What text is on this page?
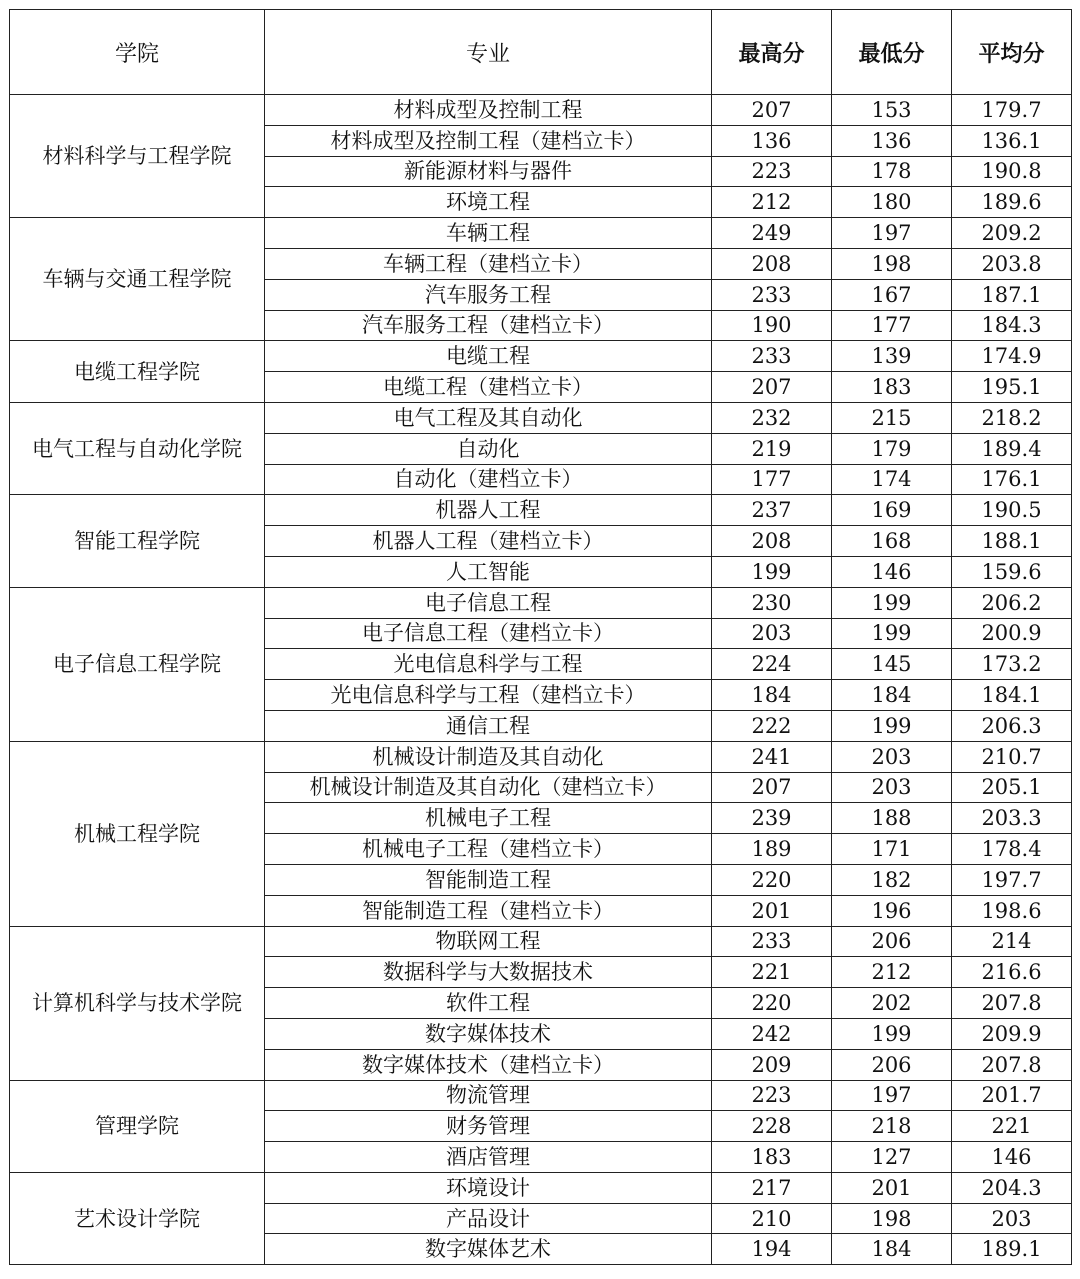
学院	专业	最高分	最低分	平均分
材料科学与工程学院	材料成型及控制工程	207	153	179.7
	材料成型及控制工程（建档立卡）	136	136	136.1
	新能源材料与器件	223	178	190.8
	环境工程	212	180	189.6
车辆与交通工程学院	车辆工程	249	197	209.2
	车辆工程（建档立卡）	208	198	203.8
	汽车服务工程	233	167	187.1
	汽车服务工程（建档立卡）	190	177	184.3
电缆工程学院	电缆工程	233	139	174.9
	电缆工程（建档立卡）	207	183	195.1
电气工程与自动化学院	电气工程及其自动化	232	215	218.2
	自动化	219	179	189.4
	自动化（建档立卡）	177	174	176.1
智能工程学院	机器人工程	237	169	190.5
	机器人工程（建档立卡）	208	168	188.1
	人工智能	199	146	159.6
电子信息工程学院	电子信息工程	230	199	206.2
	电子信息工程（建档立卡）	203	199	200.9
	光电信息科学与工程	224	145	173.2
	光电信息科学与工程（建档立卡）	184	184	184.1
	通信工程	222	199	206.3
机械工程学院	机械设计制造及其自动化	241	203	210.7
	机械设计制造及其自动化（建档立卡）	207	203	205.1
	机械电子工程	239	188	203.3
	机械电子工程（建档立卡）	189	171	178.4
	智能制造工程	220	182	197.7
	智能制造工程（建档立卡）	201	196	198.6
计算机科学与技术学院	物联网工程	233	206	214
	数据科学与大数据技术	221	212	216.6
	软件工程	220	202	207.8
	数字媒体技术	242	199	209.9
	数字媒体技术（建档立卡）	209	206	207.8
管理学院	物流管理	223	197	201.7
	财务管理	228	218	221
	酒店管理	183	127	146
艺术设计学院	环境设计	217	201	204.3
	产品设计	210	198	203
	数字媒体艺术	194	184	189.1
